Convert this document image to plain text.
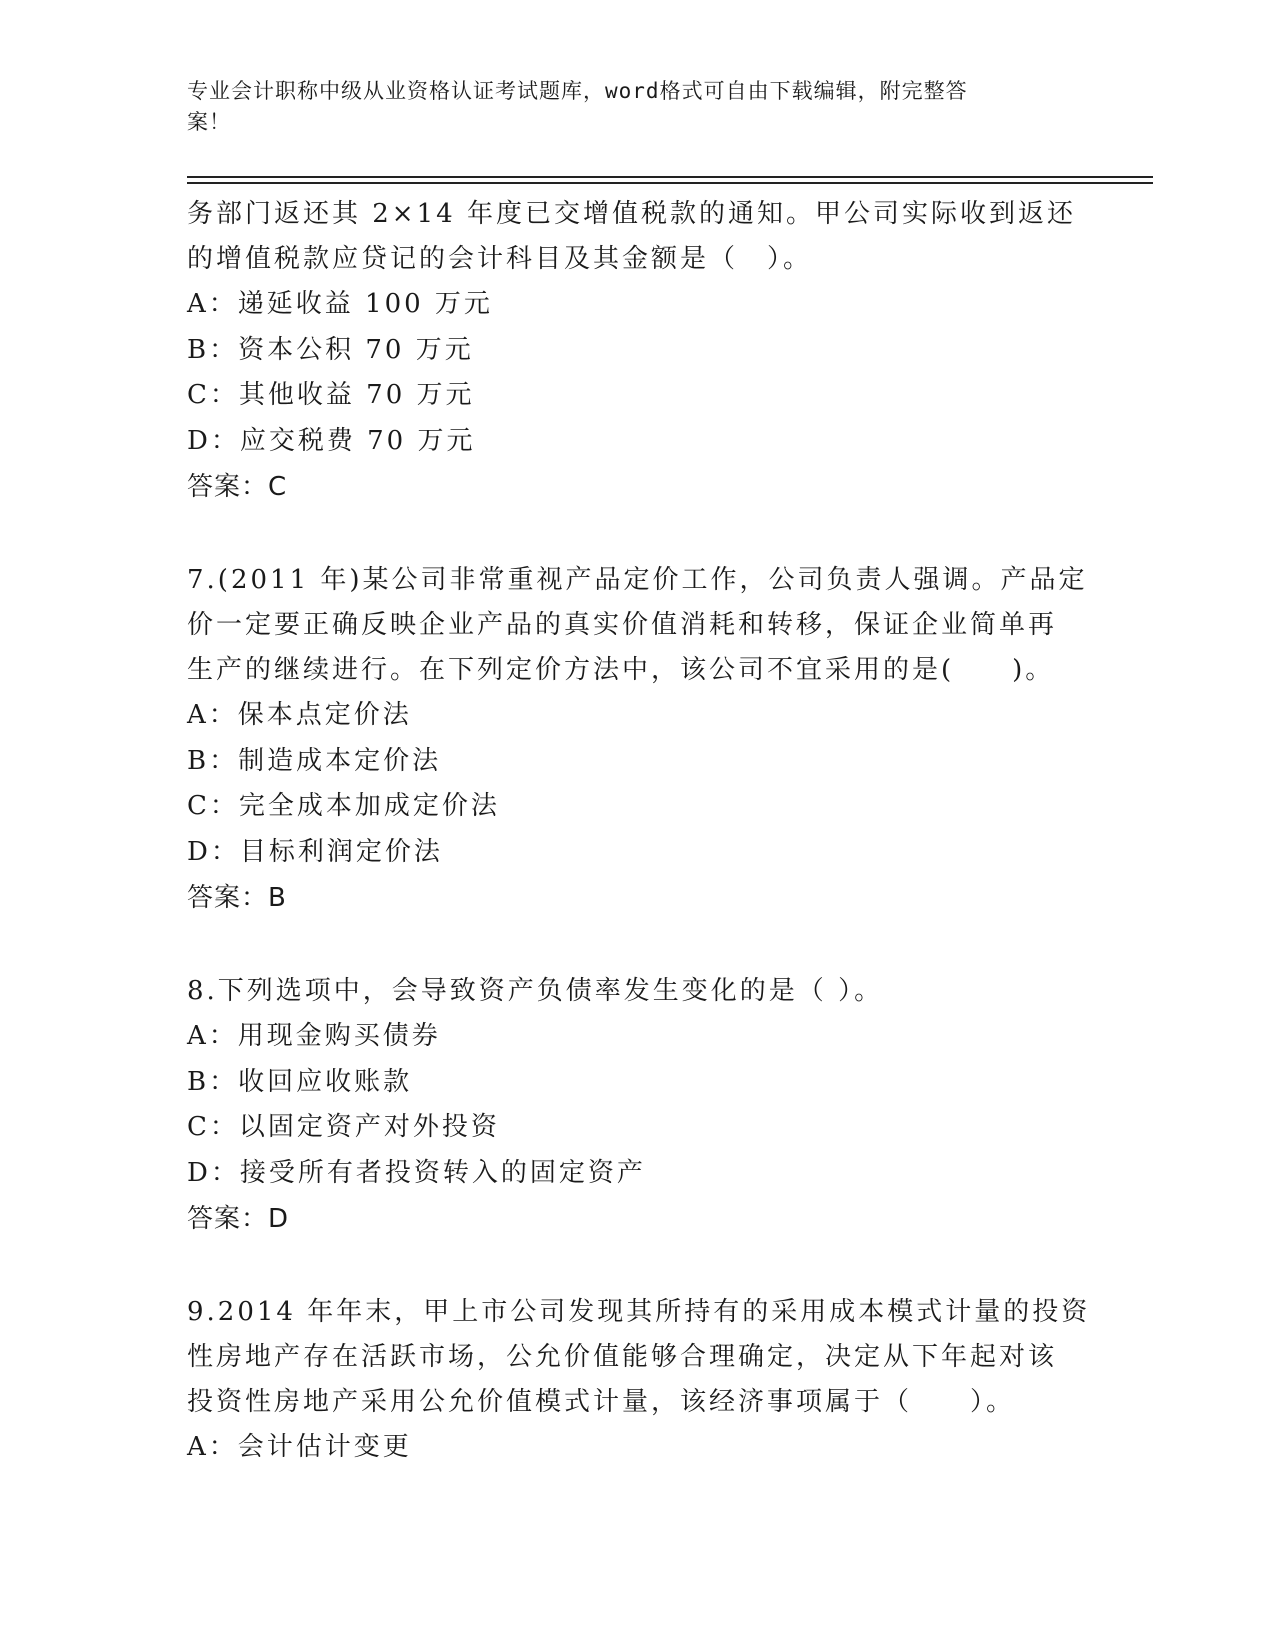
专业会计职称中级从业资格认证考试题库，word格式可自由下载编辑，附完整答
案！
务部门返还其 2×14 年度已交增值税款的通知。甲公司实际收到返还
的增值税款应贷记的会计科目及其金额是（　）。
A：递延收益 100 万元
B：资本公积 70 万元
C：其他收益 70 万元
D：应交税费 70 万元
答案：C
7.(2011 年)某公司非常重视产品定价工作，公司负责人强调。产品定
价一定要正确反映企业产品的真实价值消耗和转移，保证企业简单再
生产的继续进行。在下列定价方法中，该公司不宜采用的是(　　)。
A：保本点定价法
B：制造成本定价法
C：完全成本加成定价法
D：目标利润定价法
答案：B
8.下列选项中，会导致资产负债率发生变化的是（ ）。
A：用现金购买债券
B：收回应收账款
C：以固定资产对外投资
D：接受所有者投资转入的固定资产
答案：D
9.2014 年年末，甲上市公司发现其所持有的采用成本模式计量的投资
性房地产存在活跃市场，公允价值能够合理确定，决定从下年起对该
投资性房地产采用公允价值模式计量，该经济事项属于（　　）。
A：会计估计变更
